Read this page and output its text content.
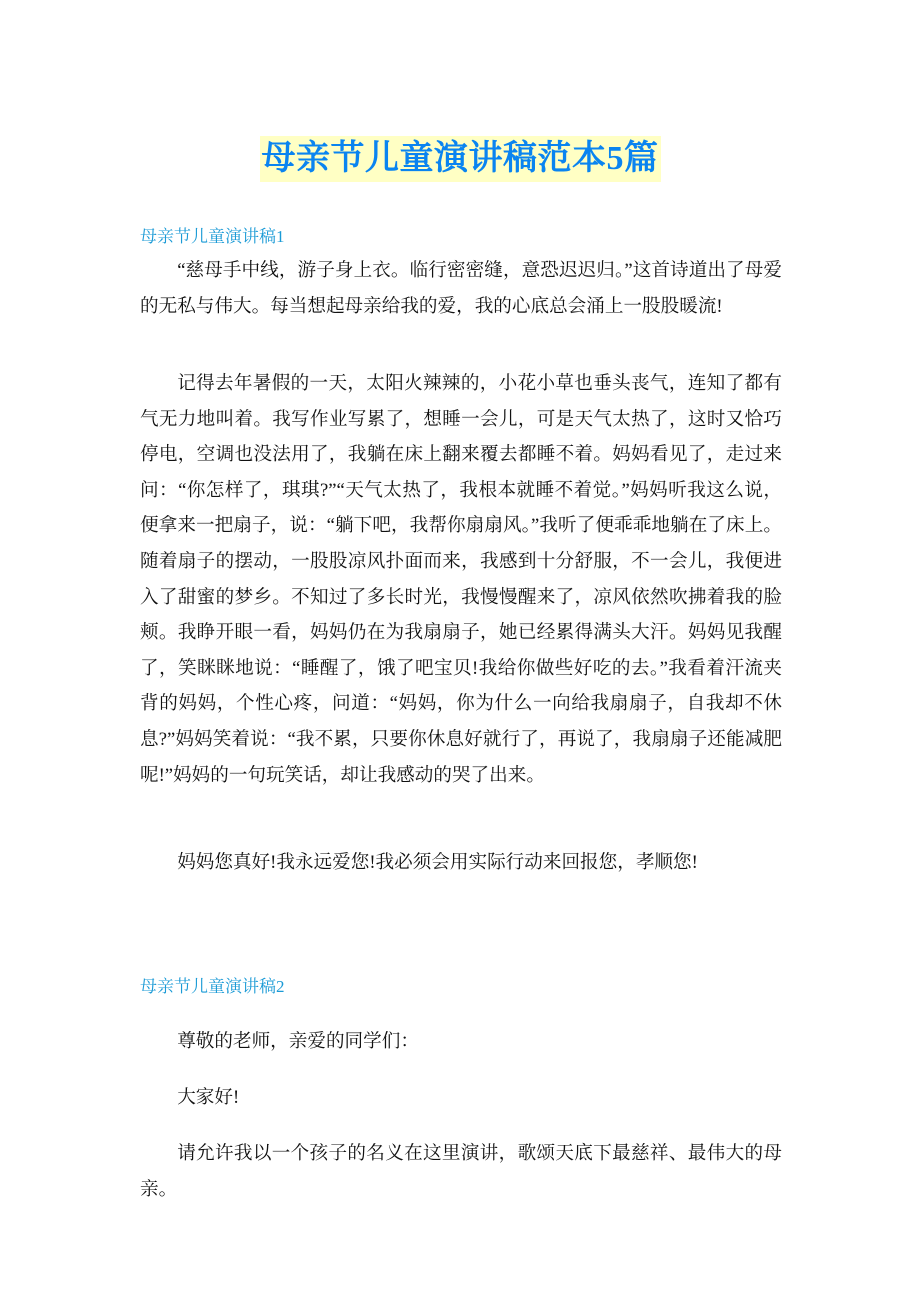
母亲节儿童演讲稿范本5篇
母亲节儿童演讲稿1

“慈母手中线，游子身上衣。临行密密缝，意恐迟迟归。”这首诗道出了母爱的无私与伟大。每当想起母亲给我的爱，我的心底总会涌上一股股暖流!

记得去年暑假的一天，太阳火辣辣的，小花小草也垂头丧气，连知了都有气无力地叫着。我写作业写累了，想睡一会儿，可是天气太热了，这时又恰巧停电，空调也没法用了，我躺在床上翻来覆去都睡不着。妈妈看见了，走过来问：“你怎样了，琪琪?”“天气太热了，我根本就睡不着觉。”妈妈听我这么说，便拿来一把扇子，说：“躺下吧，我帮你扇扇风。”我听了便乖乖地躺在了床上。随着扇子的摆动，一股股凉风扑面而来，我感到十分舒服，不一会儿，我便进入了甜蜜的梦乡。不知过了多长时光，我慢慢醒来了，凉风依然吹拂着我的脸颊。我睁开眼一看，妈妈仍在为我扇扇子，她已经累得满头大汗。妈妈见我醒了，笑眯眯地说：“睡醒了，饿了吧宝贝!我给你做些好吃的去。”我看着汗流夹背的妈妈，个性心疼，问道：“妈妈，你为什么一向给我扇扇子，自我却不休息?”妈妈笑着说：“我不累，只要你休息好就行了，再说了，我扇扇子还能减肥呢!”妈妈的一句玩笑话，却让我感动的哭了出来。

妈妈您真好!我永远爱您!我必须会用实际行动来回报您，孝顺您!

母亲节儿童演讲稿2

尊敬的老师，亲爱的同学们：

大家好!

请允许我以一个孩子的名义在这里演讲，歌颂天底下最慈祥、最伟大的母亲。
